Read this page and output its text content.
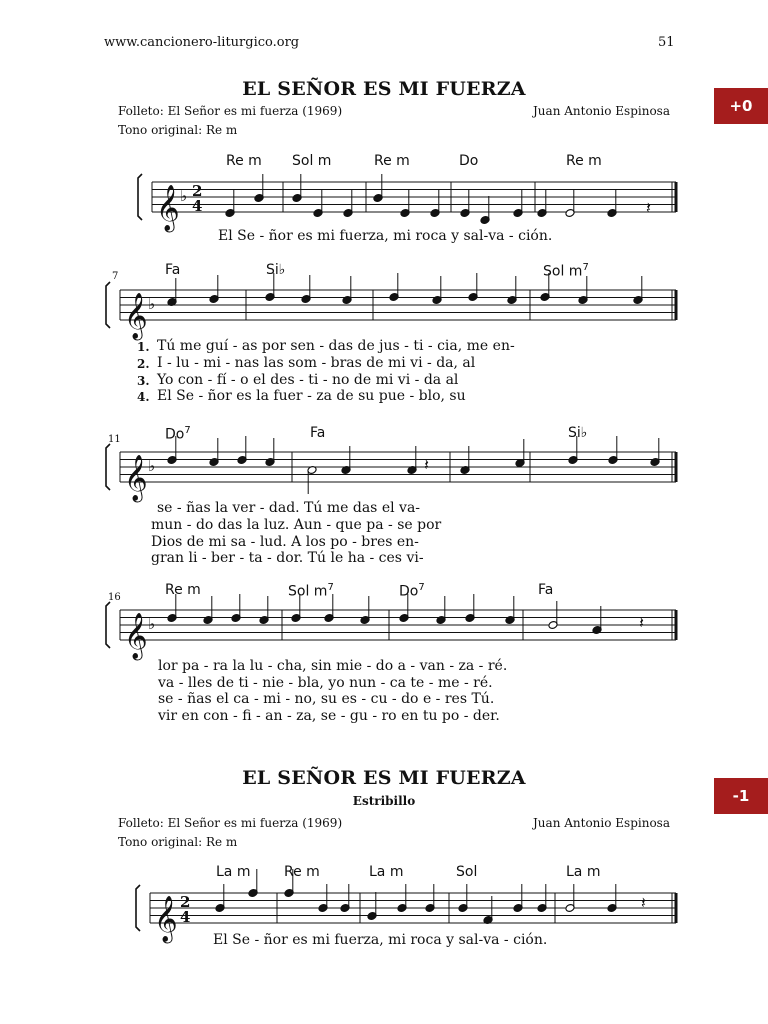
www.cancionero-liturgico.org	51
EL SEÑOR ES MI FUERZA
Folleto: El Señor es mi fuerza (1969)	Juan Antonio Espinosa
Tono original: Re m
+0
Re m Sol m	Re m	Do	Re m
El Se - ñor es mi fuerza, mi roca y sal-va - ción.
7	Fa	Si♭	Sol $m^7$
1. Tú me guí - as por sen - das de jus - ti - cia, me en-
2. I - lu - mi - nas las som - bras de mi vi - da, al
3. Yo con - fí - o el des - ti - no de mi vi - da al
4. El Se - ñor es la fuer - za de su pue - blo, su
11	Do$^7$	Fa	Si♭
se - ñas la ver - dad. Tú me das el va-
mun - do das la luz. Aun - que pa - se por
Dios de mi sa - lud. A los po - bres en-
gran li - ber - ta - dor. Tú le ha - ces vi-
16	Re m	Sol $m^7$	Do$^7$	Fa
lor pa - ra la lu - cha, sin mie - do a - van - za - ré.
va - lles de ti - nie - bla, yo nun - ca te - me - ré.
se - ñas el ca - mi - no, su es - cu - do e - res Tú.
vir en con - fi - an - za, se - gu - ro en tu po - der.
EL SEÑOR ES MI FUERZA
Estribillo
Folleto: El Señor es mi fuerza (1969)	Juan Antonio Espinosa
Tono original: Re m
-1
La m Re m	La m	Sol	La m
El Se - ñor es mi fuerza, mi roca y sal-va - ción.
𝄽
𝄽
𝄽
𝄽
𝄞 ♭ 2
4
𝄞 ♭
𝄞 ♭
𝄞 ♭
𝄞 2
4
